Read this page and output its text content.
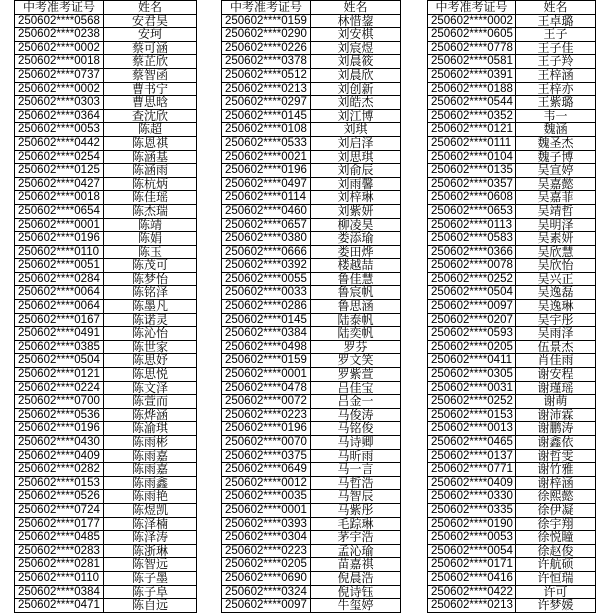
中考准考证号	姓名
250602****0568	安君昊
250602****0238	安珂
250602****0002	蔡可涵
250602****0018	蔡芷欣
250602****0737	蔡智函
250602****0002	曹书宁
250602****0303	曹思晗
250602****0364	查沈欣
250602****0053	陈超
250602****0442	陈恩祺
250602****0254	陈涵基
250602****0125	陈涵雨
250602****0427	陈杭炳
250602****0018	陈佳瑶
250602****0654	陈杰瑞
250602****0001	陈靖
250602****0196	陈娟
250602****0110	陈玉
250602****0051	陈茂可
250602****0284	陈梦怡
250602****0064	陈铭泽
250602****0064	陈墨凡
250602****0167	陈诺灵
250602****0491	陈沁怡
250602****0385	陈世家
250602****0504	陈思妤
250602****0121	陈思悦
250602****0224	陈文泽
250602****0700	陈萱而
250602****0536	陈烨涵
250602****0196	陈渝琪
250602****0430	陈雨彬
250602****0409	陈雨嘉
250602****0282	陈雨嘉
250602****0153	陈雨鑫
250602****0526	陈雨艳
250602****0724	陈煜凯
250602****0177	陈泽楠
250602****0485	陈泽涛
250602****0283	陈浙琳
250602****0281	陈智远
250602****0110	陈子墨
250602****0384	陈子阜
250602****0471	陈自远
中考准考证号	姓名
250602****0159	林惜鋆
250602****0290	刘安棋
250602****0226	刘宸煜
250602****0378	刘晨筱
250602****0512	刘晨欣
250602****0213	刘创新
250602****0297	刘皓杰
250602****0145	刘江博
250602****0108	刘琪
250602****0533	刘启泽
250602****0021	刘思琪
250602****0196	刘俞辰
250602****0497	刘雨馨
250602****0114	刘梓琳
250602****0460	刘紫妍
250602****0657	柳凌昊
250602****0380	娄添瑜
250602****0666	娄田烨
250602****0392	楼越喆
250602****0055	鲁佳慧
250602****0033	鲁宸帆
250602****0286	鲁思涵
250602****0145	陆泰帆
250602****0384	陆奕帆
250602****0498	罗芬
250602****0159	罗文笑
250602****0001	罗紫萱
250602****0478	吕佳宝
250602****0072	吕金一
250602****0223	马俊涛
250602****0196	马铭俊
250602****0070	马诗卿
250602****0375	马昕雨
250602****0649	马一言
250602****0012	马哲浩
250602****0035	马智辰
250602****0001	马紫彤
250602****0393	毛踪琳
250602****0304	茅宇浩
250602****0223	孟沁瑜
250602****0205	苗嘉祺
250602****0690	倪晨浩
250602****0324	倪诗钰
250602****0097	牛玺婷
中考准考证号	姓名
250602****0002	王卓璐
250602****0605	王子
250602****0778	王子佳
250602****0581	王子羚
250602****0391	王梓涵
250602****0188	王梓亦
250602****0544	王紫璐
250602****0352	韦一
250602****0121	魏涵
250602****0111	魏圣杰
250602****0104	魏子博
250602****0135	吴宣婷
250602****0357	吴嘉懿
250602****0608	吴嘉菲
250602****0653	吴靖哲
250602****0113	吴明泽
250602****0583	吴素妍
250602****0366	吴欣慧
250602****0078	吴欣怡
250602****0252	吴兴正
250602****0504	吴逸磊
250602****0097	吴逸琳
250602****0207	吴宇彤
250602****0593	吴雨泽
250602****0205	伍景杰
250602****0411	肖佳雨
250602****0305	谢安程
250602****0031	谢瑾瑶
250602****0252	谢萌
250602****0153	谢沛霖
250602****0013	谢鹏涛
250602****0465	谢鑫依
250602****0137	谢哲雯
250602****0771	谢竹雅
250602****0409	谢梓涵
250602****0330	徐熙懿
250602****0335	徐伊凝
250602****0190	徐宇翔
250602****0053	徐悦瞳
250602****0054	徐赵俊
250602****0171	许航硕
250602****0416	许恒瑞
250602****0422	许可
250602****0213	许梦媛
